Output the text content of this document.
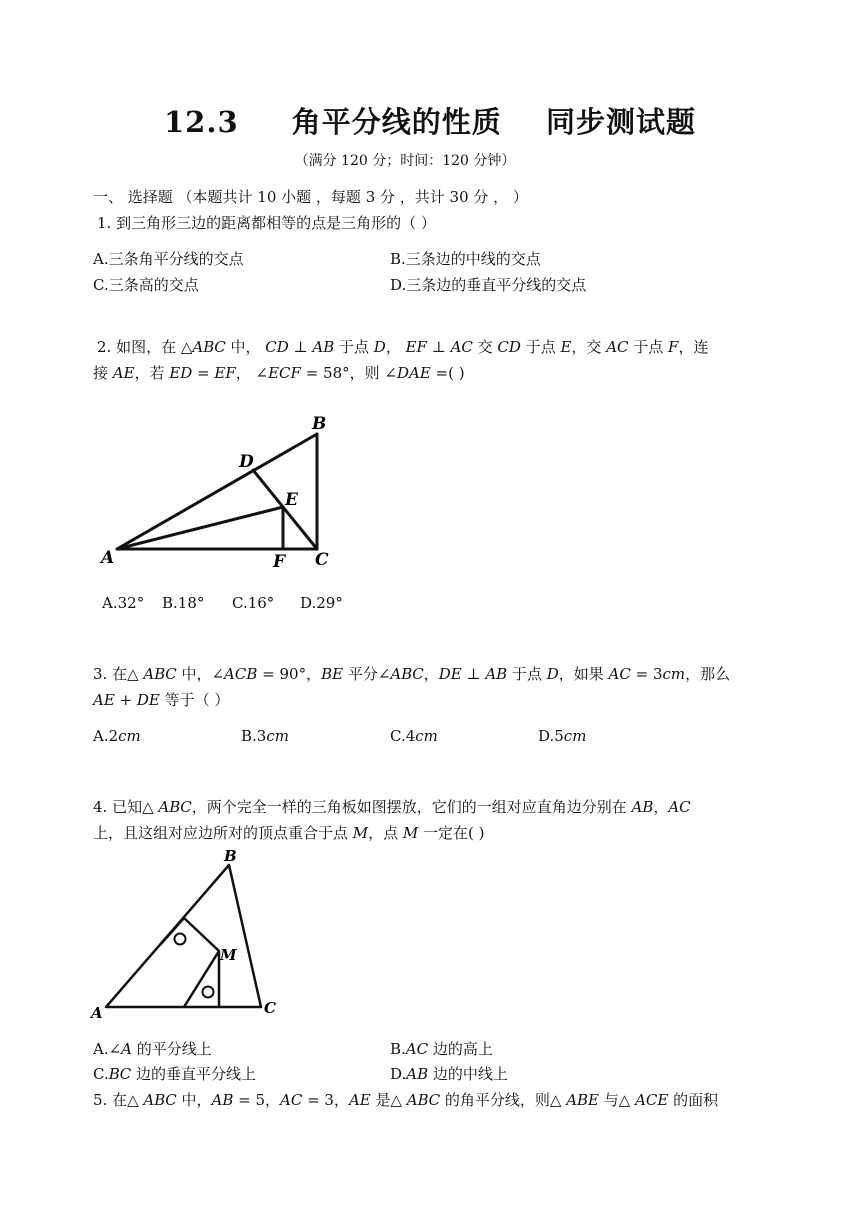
12.3 角平分线的性质 同步测试题
（满分 120 分；时间：120 分钟）
一、 选择题 （本题共计 10 小题 ，每题 3 分 ，共计 30 分 ， ）
1. 到三角形三边的距离都相等的点是三角形的（ ）
A.三条角平分线的交点	B.三条边的中线的交点
C.三条高的交点	D.三条边的垂直平分线的交点
2. 如图，在 △𝐴𝐵𝐶 中， 𝐶𝐷 ⊥ 𝐴𝐵 于点 𝐷， 𝐸𝐹 ⊥ 𝐴𝐶 交 𝐶𝐷 于点 𝐸，交 𝐴𝐶 于点 𝐹，连
接 𝐴𝐸，若 𝐸𝐷 = 𝐸𝐹， ∠𝐸𝐶𝐹 = 58°，则 ∠𝐷𝐴𝐸 =( )
A
B
C
D
E
F
A.32° B.18° C.16° D.29°
3. 在△ 𝐴𝐵𝐶 中，∠𝐴𝐶𝐵 = 90°，𝐵𝐸 平分∠𝐴𝐵𝐶，𝐷𝐸 ⊥ 𝐴𝐵 于点 𝐷，如果 𝐴𝐶 = 3𝑐𝑚，那么
𝐴𝐸 + 𝐷𝐸 等于（ ）
A.2𝑐𝑚	B.3𝑐𝑚	C.4𝑐𝑚	D.5𝑐𝑚
4. 已知△ 𝐴𝐵𝐶，两个完全一样的三角板如图摆放，它们的一组对应直角边分别在 𝐴𝐵，𝐴𝐶
上，且这组对应边所对的顶点重合于点 𝑀，点 𝑀 一定在( )
A
B
C
M
A.∠𝐴 的平分线上	B.𝐴𝐶 边的高上
C.𝐵𝐶 边的垂直平分线上	D.𝐴𝐵 边的中线上
5. 在△ 𝐴𝐵𝐶 中，𝐴𝐵 = 5，𝐴𝐶 = 3，𝐴𝐸 是△ 𝐴𝐵𝐶 的角平分线，则△ 𝐴𝐵𝐸 与△ 𝐴𝐶𝐸 的面积
